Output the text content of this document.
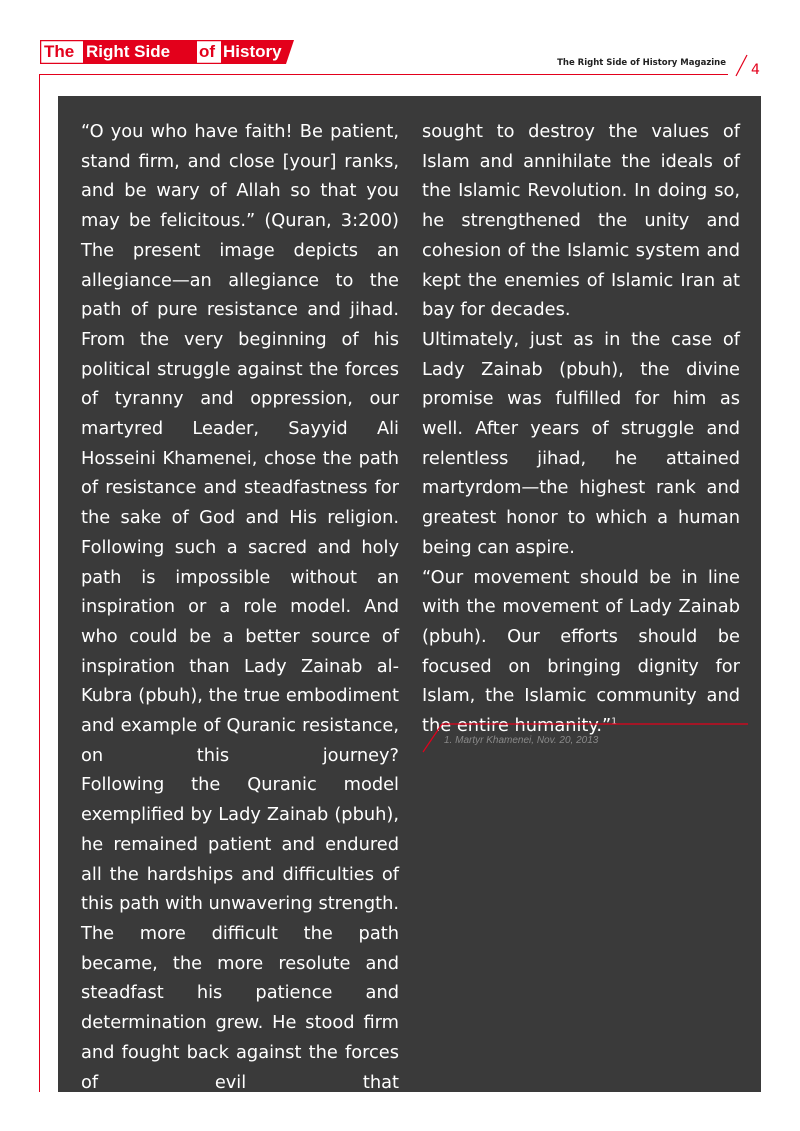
The Right Side of History
The Right Side of History Magazine 4

“O you who have faith! Be patient, stand firm, and close [your] ranks, and be wary of Allah so that you may be felicitous.” (Quran, 3:200)

The present image depicts an allegiance—an allegiance to the path of pure resistance and jihad. From the very beginning of his political struggle against the forces of tyranny and oppression, our martyred Leader, Sayyid Ali Hosseini Khamenei, chose the path of resistance and steadfastness for the sake of God and His religion. Following such a sacred and holy path is impossible without an inspiration or a role model. And who could be a better source of inspiration than Lady Zainab al-Kubra (pbuh), the true embodiment and example of Quranic resistance, on this journey?

Following the Quranic model exemplified by Lady Zainab (pbuh), he remained patient and endured all the hardships and difficulties of this path with unwavering strength. The more difficult the path became, the more resolute and steadfast his patience and determination grew. He stood firm and fought back against the forces of evil that

sought to destroy the values of Islam and annihilate the ideals of the Islamic Revolution. In doing so, he strengthened the unity and cohesion of the Islamic system and kept the enemies of Islamic Iran at bay for decades.

Ultimately, just as in the case of Lady Zainab (pbuh), the divine promise was fulfilled for him as well. After years of struggle and relentless jihad, he attained martyrdom—the highest rank and greatest honor to which a human being can aspire.

“Our movement should be in line with the movement of Lady Zainab (pbuh). Our efforts should be focused on bringing dignity for Islam, the Islamic community and the entire humanity.”$^1$

1. Martyr Khamenei, Nov. 20, 2013
